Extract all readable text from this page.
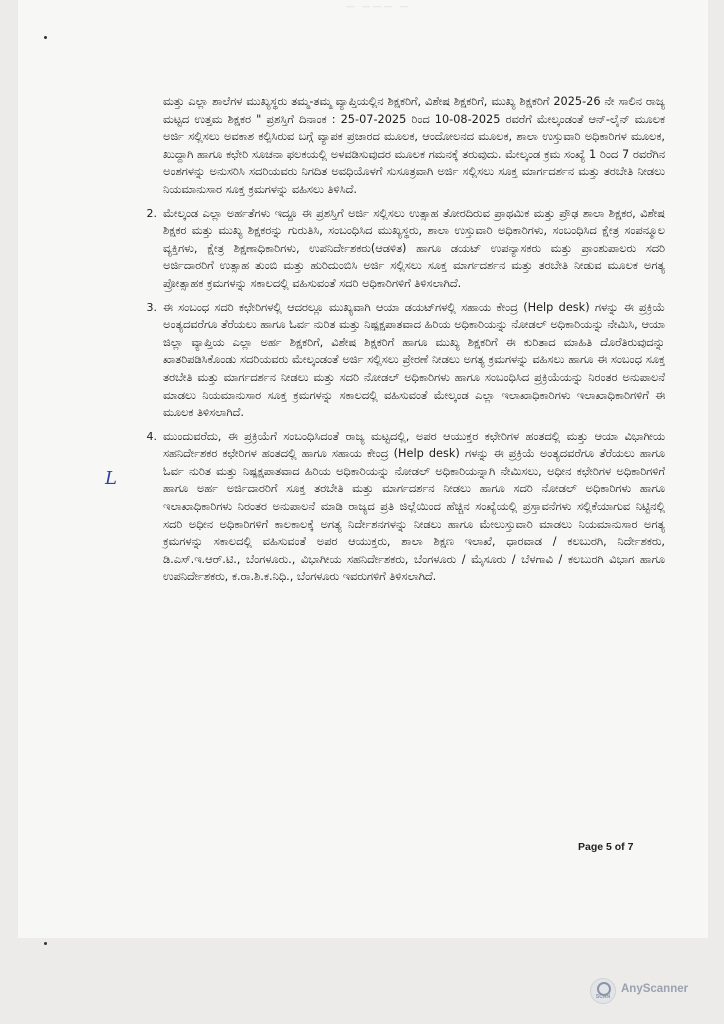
— ——— —

ಮತ್ತು ಎಲ್ಲಾ ಶಾಲೆಗಳ ಮುಖ್ಯಸ್ಥರು ತಮ್ಮ-ತಮ್ಮ ವ್ಯಾಪ್ತಿಯಲ್ಲಿನ ಶಿಕ್ಷಕರಿಗೆ, ವಿಶೇಷ ಶಿಕ್ಷಕರಿಗೆ, ಮುಖ್ಯ ಶಿಕ್ಷಕರಿಗೆ 2025-26 ನೇ ಸಾಲಿನ ರಾಜ್ಯ ಮಟ್ಟದ ಉತ್ತಮ ಶಿಕ್ಷಕರ " ಪ್ರಶಸ್ತಿಗೆ ದಿನಾಂಕ : 25-07-2025 ರಿಂದ 10-08-2025 ರವರೆಗೆ ಮೇಲ್ಕಂಡಂತೆ ಆನ್-ಲೈನ್ ಮೂಲಕ ಅರ್ಜಿ ಸಲ್ಲಿಸಲು ಅವಕಾಶ ಕಲ್ಪಿಸಿರುವ ಬಗ್ಗೆ ವ್ಯಾಪಕ ಪ್ರಚಾರದ ಮೂಲಕ, ಆಂದೋಲನದ ಮೂಲಕ, ಶಾಲಾ ಉಸ್ತುವಾರಿ ಅಧಿಕಾರಿಗಳ ಮೂಲಕ, ಖುದ್ದಾಗಿ ಹಾಗೂ ಕಛೇರಿ ಸೂಚನಾ ಫಲಕಯಲ್ಲಿ ಅಳವಡಿಸುವುದರ ಮೂಲಕ ಗಮನಕ್ಕೆ ತರುವುದು. ಮೇಲ್ಕಂಡ ಕ್ರಮ ಸಂಖ್ಯೆ 1 ರಿಂದ 7 ರವರೆಗಿನ ಅಂಶಗಳನ್ನು ಅನುಸರಿಸಿ ಸದರಿಯವರು ನಿಗದಿತ ಅವಧಿಯೊಳಗೆ ಸುಸೂತ್ರವಾಗಿ ಅರ್ಜಿ ಸಲ್ಲಿಸಲು ಸೂಕ್ತ ಮಾರ್ಗದರ್ಶನ ಮತ್ತು ತರಬೇತಿ ನೀಡಲು ನಿಯಮಾನುಸಾರ ಸೂಕ್ತ ಕ್ರಮಗಳನ್ನು ವಹಿಸಲು ತಿಳಿಸಿದೆ.

2. ಮೇಲ್ಕಂಡ ಎಲ್ಲಾ ಅರ್ಹತೆಗಳು ಇದ್ದೂ ಈ ಪ್ರಶಸ್ತಿಗೆ ಅರ್ಜಿ ಸಲ್ಲಿಸಲು ಉತ್ಸಾಹ ತೋರದಿರುವ ಪ್ರಾಥಮಿಕ ಮತ್ತು ಪ್ರೌಢ ಶಾಲಾ ಶಿಕ್ಷಕರ, ವಿಶೇಷ ಶಿಕ್ಷಕರ ಮತ್ತು ಮುಖ್ಯ ಶಿಕ್ಷಕರನ್ನು ಗುರುತಿಸಿ, ಸಂಬಂಧಿಸಿದ ಮುಖ್ಯಸ್ಥರು, ಶಾಲಾ ಉಸ್ತುವಾರಿ ಅಧಿಕಾರಿಗಳು, ಸಂಬಂಧಿಸಿದ ಕ್ಷೇತ್ರ ಸಂಪನ್ಮೂಲ ವ್ಯಕ್ತಿಗಳು, ಕ್ಷೇತ್ರ ಶಿಕ್ಷಣಾಧಿಕಾರಿಗಳು, ಉಪನಿರ್ದೇಶಕರು(ಆಡಳಿತ) ಹಾಗೂ ಡಯಟ್ ಉಪನ್ಯಾಸಕರು ಮತ್ತು ಪ್ರಾಂಶುಪಾಲರು ಸದರಿ ಅರ್ಜಿದಾರರಿಗೆ ಉತ್ಸಾಹ ತುಂಬಿ ಮತ್ತು ಹುರಿದುಂಬಿಸಿ ಅರ್ಜಿ ಸಲ್ಲಿಸಲು ಸೂಕ್ತ ಮಾರ್ಗದರ್ಶನ ಮತ್ತು ತರಬೇತಿ ನೀಡುವ ಮೂಲಕ ಅಗತ್ಯ ಪ್ರೋತ್ಸಾಹಕ ಕ್ರಮಗಳನ್ನು ಸಕಾಲದಲ್ಲಿ ವಹಿಸುವಂತೆ ಸದರಿ ಅಧಿಕಾರಿಗಳಿಗೆ ತಿಳಿಸಲಾಗಿದೆ.
3. ಈ ಸಂಬಂಧ ಸದರಿ ಕಛೇರಿಗಳಲ್ಲಿ ಆದರಲ್ಲೂ ಮುಖ್ಯವಾಗಿ ಆಯಾ ಡಯಟ್‌ಗಳಲ್ಲಿ ಸಹಾಯ ಕೇಂದ್ರ (Help desk) ಗಳನ್ನು ಈ ಪ್ರಕ್ರಿಯೆ ಅಂತ್ಯದವರೆಗೂ ತೆರೆಯಲು ಹಾಗೂ ಓರ್ವ ನುರಿತ ಮತ್ತು ನಿಷ್ಪಕ್ಷಪಾತವಾದ ಹಿರಿಯ ಅಧಿಕಾರಿಯನ್ನು ನೋಡಲ್ ಅಧಿಕಾರಿಯನ್ನು ನೇಮಿಸಿ, ಆಯಾ ಜಿಲ್ಲಾ ವ್ಯಾಪ್ತಿಯ ಎಲ್ಲಾ ಅರ್ಹ ಶಿಕ್ಷಕರಿಗೆ, ವಿಶೇಷ ಶಿಕ್ಷಕರಿಗೆ ಹಾಗೂ ಮುಖ್ಯ ಶಿಕ್ಷಕರಿಗೆ ಈ ಕುರಿತಾದ ಮಾಹಿತಿ ದೊರೆತಿರುವುದನ್ನು ಖಾತರಿಪಡಿಸಿಕೊಂಡು ಸದರಿಯವರು ಮೇಲ್ಕಂಡಂತೆ ಅರ್ಜಿ ಸಲ್ಲಿಸಲು ಪ್ರೇರಣೆ ನೀಡಲು ಅಗತ್ಯ ಕ್ರಮಗಳನ್ನು ವಹಿಸಲು ಹಾಗೂ ಈ ಸಂಬಂಧ ಸೂಕ್ತ ತರಬೇತಿ ಮತ್ತು ಮಾರ್ಗದರ್ಶನ ನೀಡಲು ಮತ್ತು ಸದರಿ ನೋಡಲ್ ಅಧಿಕಾರಿಗಳು ಹಾಗೂ ಸಂಬಂಧಿಸಿದ ಪ್ರಕ್ರಿಯೆಯನ್ನು ನಿರಂತರ ಅನುಪಾಲನೆ ಮಾಡಲು ನಿಯಮಾನುಸಾರ ಸೂಕ್ತ ಕ್ರಮಗಳನ್ನು ಸಕಾಲದಲ್ಲಿ ವಹಿಸುವಂತೆ ಮೇಲ್ಕಂಡ ಎಲ್ಲಾ ಇಲಾಖಾಧಿಕಾರಿಗಳು ಇಲಾಖಾಧಿಕಾರಿಗಳಿಗೆ ಈ ಮೂಲಕ ತಿಳಿಸಲಾಗಿದೆ.
4. ಮುಂದುವರೆದು, ಈ ಪ್ರಕ್ರಿಯೆಗೆ ಸಂಬಂಧಿಸಿದಂತೆ ರಾಜ್ಯ ಮಟ್ಟದಲ್ಲಿ, ಅಪರ ಆಯುಕ್ತರ ಕಛೇರಿಗಳ ಹಂತದಲ್ಲಿ ಮತ್ತು ಆಯಾ ವಿಭಾಗೀಯ ಸಹನಿರ್ದೇಶಕರ ಕಛೇರಿಗಳ ಹಂತದಲ್ಲಿ ಹಾಗೂ ಸಹಾಯ ಕೇಂದ್ರ (Help desk) ಗಳನ್ನು ಈ ಪ್ರಕ್ರಿಯೆ ಅಂತ್ಯದವರೆಗೂ ತೆರೆಯಲು ಹಾಗೂ ಓರ್ವ ನುರಿತ ಮತ್ತು ನಿಷ್ಪಕ್ಷಪಾತವಾದ ಹಿರಿಯ ಅಧಿಕಾರಿಯನ್ನು ನೋಡಲ್ ಅಧಿಕಾರಿಯನ್ನಾಗಿ ನೇಮಿಸಲು, ಅಧೀನ ಕಛೇರಿಗಳ ಅಧಿಕಾರಿಗಳಿಗೆ ಹಾಗೂ ಅರ್ಹ ಅರ್ಜಿದಾರರಿಗೆ ಸೂಕ್ತ ತರಬೇತಿ ಮತ್ತು ಮಾರ್ಗದರ್ಶನ ನೀಡಲು ಹಾಗೂ ಸದರಿ ನೋಡಲ್ ಅಧಿಕಾರಿಗಳು ಹಾಗೂ ಇಲಾಖಾಧಿಕಾರಿಗಳು ನಿರಂತರ ಅನುಪಾಲನೆ ಮಾಡಿ ರಾಜ್ಯದ ಪ್ರತಿ ಜಿಲ್ಲೆಯಿಂದ ಹೆಚ್ಚಿನ ಸಂಖ್ಯೆಯಲ್ಲಿ ಪ್ರಸ್ತಾವನೆಗಳು ಸಲ್ಲಿಕೆಯಾಗುವ ನಿಟ್ಟಿನಲ್ಲಿ ಸದರಿ ಅಧೀನ ಅಧಿಕಾರಿಗಳಿಗೆ ಕಾಲಕಾಲಕ್ಕೆ ಅಗತ್ಯ ನಿರ್ದೇಶನಗಳನ್ನು ನೀಡಲು ಹಾಗೂ ಮೇಲುಸ್ತುವಾರಿ ಮಾಡಲು ನಿಯಮಾನುಸಾರ ಅಗತ್ಯ ಕ್ರಮಗಳನ್ನು ಸಕಾಲದಲ್ಲಿ ವಹಿಸುವಂತೆ ಅಪರ ಆಯುಕ್ತರು, ಶಾಲಾ ಶಿಕ್ಷಣ ಇಲಾಖೆ, ಧಾರವಾಡ / ಕಲಬುರಗಿ, ನಿರ್ದೇಶಕರು, ಡಿ.ಎಸ್.ಇ.ಆರ್.ಟಿ., ಬೆಂಗಳೂರು., ವಿಭಾಗೀಯ ಸಹನಿರ್ದೇಶಕರು, ಬೆಂಗಳೂರು / ಮೈಸೂರು / ಬೆಳಗಾವಿ / ಕಲಬುರಗಿ ವಿಭಾಗ ಹಾಗೂ ಉಪನಿರ್ದೇಶಕರು, ಕ.ರಾ.ಶಿ.ಕ.ನಿಧಿ., ಬೆಂಗಳೂರು ಇವರುಗಳಿಗೆ ತಿಳಿಸಲಾಗಿದೆ.
L
Page 5 of 7
SCAN
AnyScanner
